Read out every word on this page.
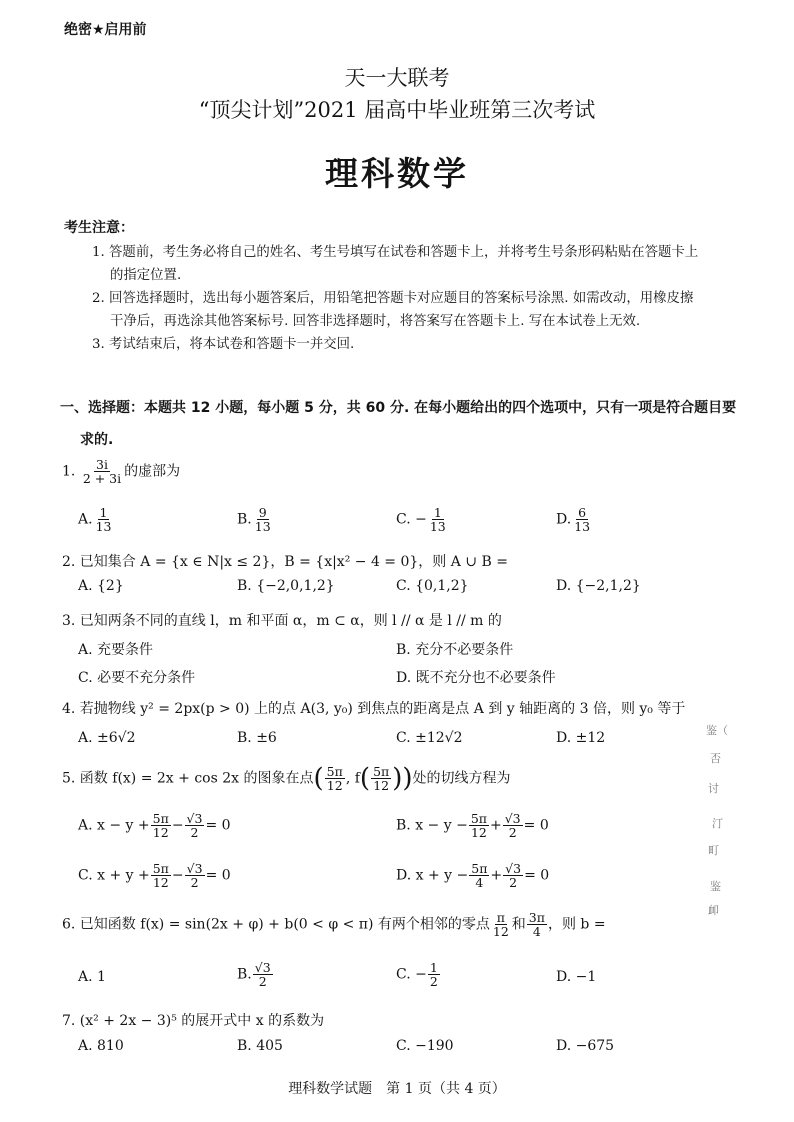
绝密★启用前
天一大联考
“顶尖计划”2021 届高中毕业班第三次考试
理科数学
考生注意：
1. 答题前，考生务必将自己的姓名、考生号填写在试卷和答题卡上，并将考生号条形码粘贴在答题卡上
的指定位置.
2. 回答选择题时，选出每小题答案后，用铅笔把答题卡对应题目的答案标号涂黑. 如需改动，用橡皮擦
干净后，再选涂其他答案标号. 回答非选择题时，将答案写在答题卡上. 写在本试卷上无效.
3. 考试结束后，将本试卷和答题卡一并交回.
一、选择题：本题共 12 小题，每小题 5 分，共 60 分. 在每小题给出的四个选项中，只有一项是符合题目要
求的.
1. $\frac{3i}{2 + 3i}$ 的虚部为
A. $\frac{1}{13}$	B. $\frac{9}{13}$	C. − $\frac{1}{13}$	D. $\frac{6}{13}$
2. 已知集合 A = {x ∈ N|x ≤ 2}，B = {x|x² − 4 = 0}，则 A ∪ B =
A. {2}	B. {−2,0,1,2}	C. {0,1,2}	D. {−2,1,2}
3. 已知两条不同的直线 l，m 和平面 α，m ⊂ α，则 l // α 是 l // m 的
A. 充要条件	B. 充分不必要条件
C. 必要不充分条件	D. 既不充分也不必要条件
4. 若抛物线 y² = 2px(p > 0) 上的点 A(3, y₀) 到焦点的距离是点 A 到 y 轴距离的 3 倍，则 y₀ 等于
A. ±6√2	B. ±6	C. ±12√2	D. ±12
5. 函数 f(x) = 2x + cos 2x 的图象在点( $\frac{5\pi}{12}$ , $f( \frac{5\pi}{12}$ ))处的切线方程为
A. $x - y + \frac{5\pi}{12} - \frac{√3}{2} = 0$	B. $x - y - \frac{5\pi}{12} + \frac{√3}{2} = 0$
C. $x + y + \frac{5\pi}{12} - \frac{√3}{2} = 0$	D. $x + y - \frac{5\pi}{4} + \frac{√3}{2} = 0$
6. 已知函数 f(x) = sin(2x + φ) + b(0 < φ < π) 有两个相邻的零点 $\frac{\pi}{12}$ 和 $\frac{3\pi}{4}$ ，则 b =
A. 1	B. $\frac{√3}{2}$	C. − $\frac{1}{2}$	D. −1
7. (x² + 2x − 3)⁵ 的展开式中 x 的系数为
A. 810	B. 405	C. −190	D. −675
鉴（
否
讨
汀
町
鉴
卹
理科数学试题　第 1 页（共 4 页）
